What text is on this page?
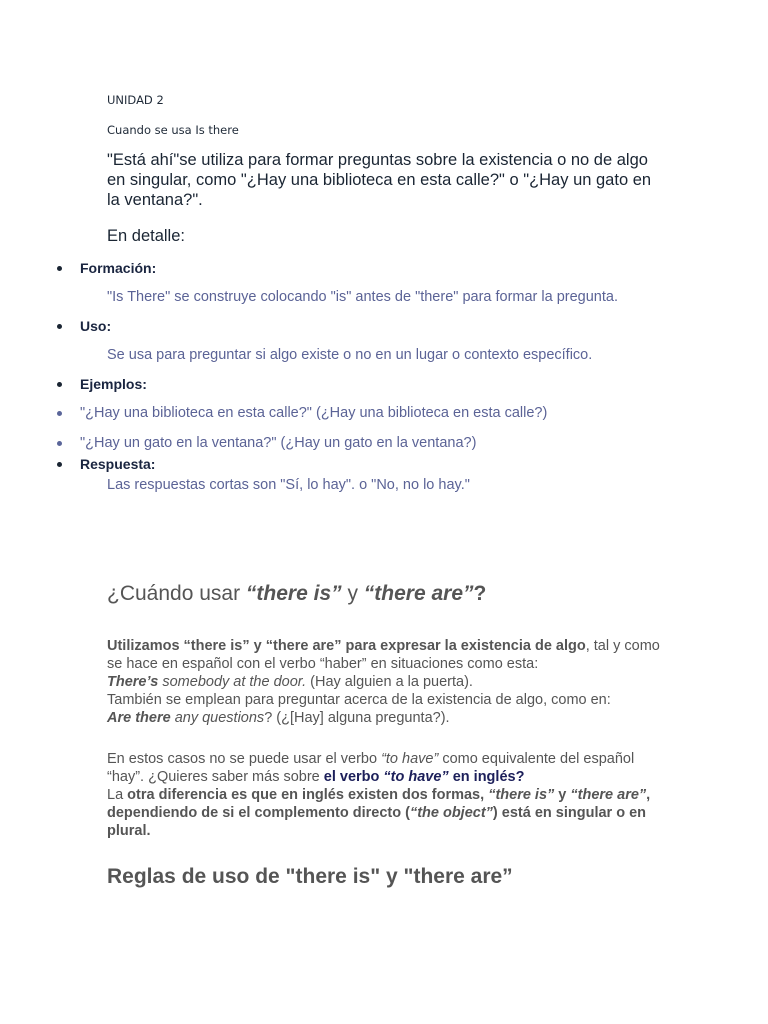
UNIDAD 2
Cuando se usa Is there
"Está ahí"se utiliza para formar preguntas sobre la existencia o no de algo en singular, como "¿Hay una biblioteca en esta calle?" o "¿Hay un gato en la ventana?".
En detalle:
Formación:
"Is There" se construye colocando "is" antes de "there" para formar la pregunta.
Uso:
Se usa para preguntar si algo existe o no en un lugar o contexto específico.
Ejemplos:
"¿Hay una biblioteca en esta calle?" (¿Hay una biblioteca en esta calle?)
"¿Hay un gato en la ventana?" (¿Hay un gato en la ventana?)
Respuesta:
Las respuestas cortas son "Sí, lo hay". o "No, no lo hay."
¿Cuándo usar “there is” y “there are”?
Utilizamos “there is” y “there are” para expresar la existencia de algo, tal y como se hace en español con el verbo “haber” en situaciones como esta:
There’s somebody at the door. (Hay alguien a la puerta).
También se emplean para preguntar acerca de la existencia de algo, como en:
Are there any questions? (¿[Hay] alguna pregunta?).
En estos casos no se puede usar el verbo “to have” como equivalente del español “hay”. ¿Quieres saber más sobre el verbo “to have” en inglés?
La otra diferencia es que en inglés existen dos formas, “there is” y “there are”, dependiendo de si el complemento directo (“the object”) está en singular o en plural.
Reglas de uso de "there is" y "there are”
